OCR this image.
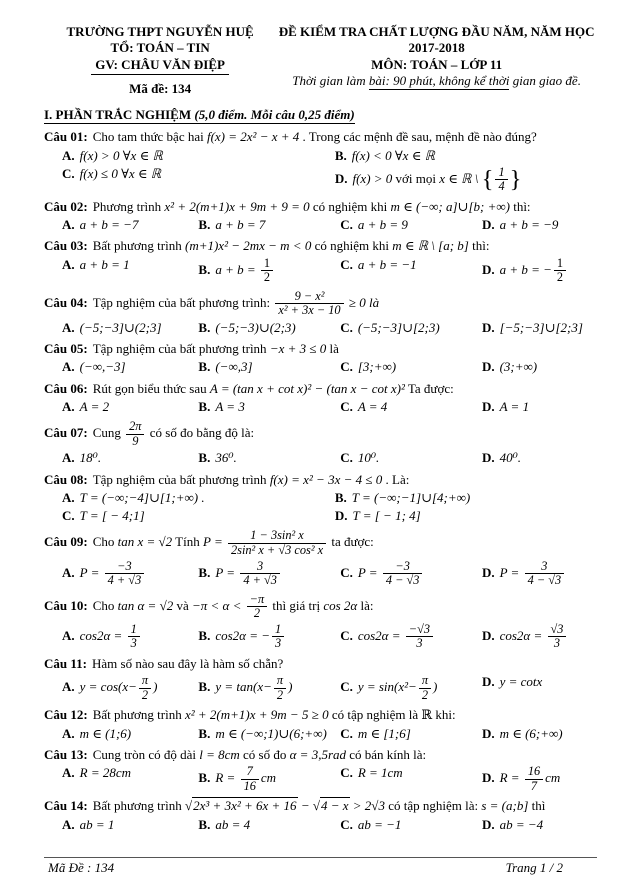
TRƯỜNG THPT NGUYỄN HUỆ
TỔ: TOÁN – TIN
GV: CHÂU VĂN ĐIỆP
Mã đề: 134
ĐỀ KIỂM TRA CHẤT LƯỢNG ĐẦU NĂM, NĂM HỌC 2017-2018
MÔN: TOÁN – LỚP 11
Thời gian làm bài: 90 phút, không kể thời gian giao đề.
I. PHẦN TRẮC NGHIỆM (5,0 điểm. Mỗi câu 0,25 điểm)
Câu 01: Cho tam thức bậc hai f(x) = 2x² − x + 4 . Trong các mệnh đề sau, mệnh đề nào đúng?
A. f(x) > 0 ∀x ∈ ℝ	B. f(x) < 0 ∀x ∈ ℝ
C. f(x) ≤ 0 ∀x ∈ ℝ	D. f(x) > 0 với mọi x ∈ ℝ \ { $\frac{1}{4}$ }
Câu 02: Phương trình x² + 2(m+1)x + 9m + 9 = 0 có nghiệm khi m ∈ (−∞; a]∪[b; +∞) thì:
A. a + b = −7	B. a + b = 7	C. a + b = 9	D. a + b = −9
Câu 03: Bất phương trình (m+1)x² − 2mx − m < 0 có nghiệm khi m ∈ ℝ \ [a; b] thì:
A. a + b = 1	B. $a + b = \frac{1}{2}$	C. a + b = −1	D. a + b = − $\frac{1}{2}$
Câu 04: Tập nghiệm của bất phương trình: $\frac{\text{9 − x²}}{\text{x² + 3x − 10}} \ge 0$ là
A. (−5;−3]∪(2;3]	B. (−5;−3)∪(2;3)	C. (−5;−3]∪[2;3)	D. [−5;−3]∪[2;3]
Câu 05: Tập nghiệm của bất phương trình −x + 3 ≤ 0 là
A. (−∞,−3]	B. (−∞,3]	C. [3;+∞)	D. (3;+∞)
Câu 06: Rút gọn biểu thức sau A = (tan x + cot x)² − (tan x − cot x)² Ta được:
A. A = 2	B. A = 3	C. A = 4	D. A = 1
Câu 07: Cung $\frac{2\pi}{9}$ có số đo bằng độ là:
A. 18⁰.	B. 36⁰.	C. 10⁰.	D. 40⁰.
Câu 08: Tập nghiệm của bất phương trình f(x) = x² − 3x − 4 ≤ 0 . Là:
A. T = (−∞;−4]∪[1;+∞) .	B. T = (−∞;−1]∪[4;+∞)
C. T = [ − 4;1]	D. T = [ − 1; 4]
Câu 09: Cho tan x = √2 Tính $P = \frac{\text{1 − 3sin² x}}{\text{2sin² x + √3 cos² x}}$ ta được:
A. $P = \frac{-3}{4 + √3}$	B. $P = \frac{3}{4 + √3}$	C. $P = \frac{-3}{4 - √3}$	D. $P = \frac{3}{4 - √3}$
Câu 10: Cho tan α = √2 và $-\pi < \alpha < \frac{-\pi}{2}$ thì giá trị cos 2α là:
A. $\cos 2\alpha = \frac{1}{3}$	B. cos2α = − $\frac{1}{3}$	C. $\cos 2\alpha = \frac{-√3}{3}$	D. $\cos 2\alpha = \frac{√3}{3}$
Câu 11: Hàm số nào sau đây là hàm số chẵn?
A. $y = \cos(x- \frac{\pi}{2}$ )	B. $y = \tan(x- \frac{\pi}{2}$ )	C. $y = \sin(x^2- \frac{\pi}{2}$ )	D. y = cotx
Câu 12: Bất phương trình x² + 2(m+1)x + 9m − 5 ≥ 0 có tập nghiệm là ℝ khi:
A. m ∈ (1;6)	B. m ∈ (−∞;1)∪(6;+∞)	C. m ∈ [1;6]	D. m ∈ (6;+∞)
Câu 13: Cung tròn có độ dài l = 8cm có số đo α = 3,5rad có bán kính là:
A. R = 28cm	B. $R = \frac{7}{16}$ cm	C. R = 1cm	D. $R = \frac{16}{7}$ cm
Câu 14: Bất phương trình √2x³ + 3x² + 6x + 16 − √4 − x > 2√3 có tập nghiệm là: s = (a;b] thì
A. ab = 1	B. ab = 4	C. ab = −1	D. ab = −4
Mã Đề : 134	Trang 1 / 2
